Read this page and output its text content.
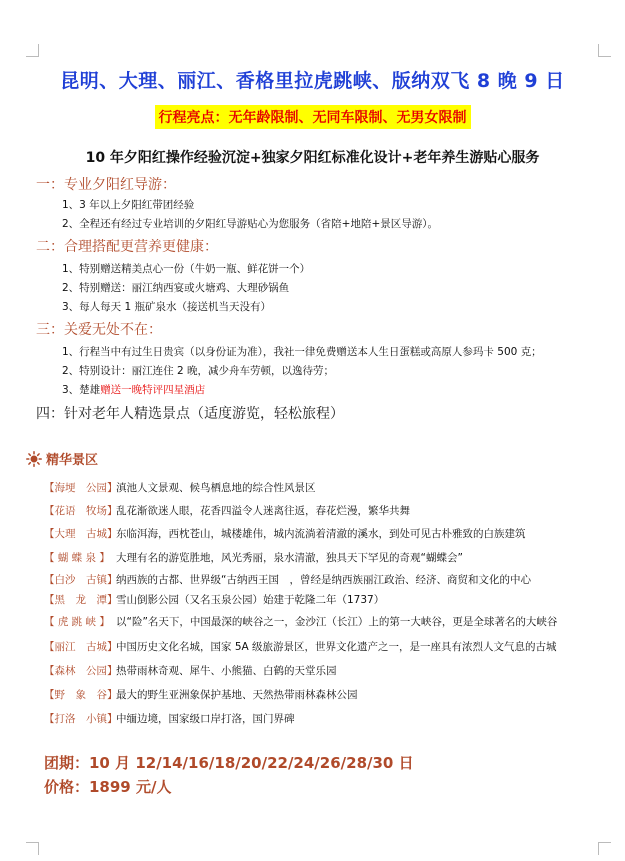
昆明、大理、丽江、香格里拉虎跳峡、版纳双飞 8 晚 9 日
行程亮点：无年龄限制、无同车限制、无男女限制
10 年夕阳红操作经验沉淀+独家夕阳红标准化设计+老年养生游贴心服务
一：专业夕阳红导游：
1、3 年以上夕阳红带团经验
2、全程还有经过专业培训的夕阳红导游贴心为您服务（省陪+地陪+景区导游）。
二：合理搭配更营养更健康：
1、特别赠送精美点心一份（牛奶一瓶、鲜花饼一个）
2、特别赠送：丽江纳西宴或火塘鸡、大理砂锅鱼
3、每人每天 1 瓶矿泉水（接送机当天没有）
三：关爱无处不在：
1、行程当中有过生日贵宾（以身份证为准），我社一律免费赠送本人生日蛋糕或高原人参玛卡 500 克；
2、特别设计：丽江连住 2 晚，减少舟车劳顿，以逸待劳；
3、楚雄赠送一晚特评四星酒店
四：针对老年人精选景点（适度游览，轻松旅程）
精华景区
【海埂　公园】
滇池人文景观、候鸟栖息地的综合性风景区
【花语　牧场】
乱花渐欲迷人眼，花香四溢令人迷离往返，春花烂漫，繁华共舞
【大理　古城】
东临洱海，西枕苍山，城楼雄伟，城内流淌着清澈的溪水，到处可见古朴雅致的白族建筑
【 蝴 蝶 泉 】 大理有名的游览胜地，风光秀丽，泉水清澈，独具天下罕见的奇观“蝴蝶会”
【白沙　古镇】
纳西族的古都、世界级“古纳西王国　，曾经是纳西族丽江政治、经济、商贸和文化的中心
【黑　龙　潭】
雪山倒影公园（又名玉泉公园）始建于乾隆二年（1737）
【 虎 跳 峡 】 以“险”名天下，中国最深的峡谷之一，金沙江（长江）上的第一大峡谷，更是全球著名的大峡谷
【丽江　古城】
中国历史文化名城，国家 5A 级旅游景区，世界文化遗产之一，是一座具有浓烈人文气息的古城
【森林　公园】
热带雨林奇观、犀牛、小熊猫、白鹤的天堂乐园
【野　象　谷】
最大的野生亚洲象保护基地、天然热带雨林森林公园
【打洛　小镇】
中缅边境，国家级口岸打洛，国门界碑
团期：10 月 12/14/16/18/20/22/24/26/28/30 日
价格：1899 元/人
